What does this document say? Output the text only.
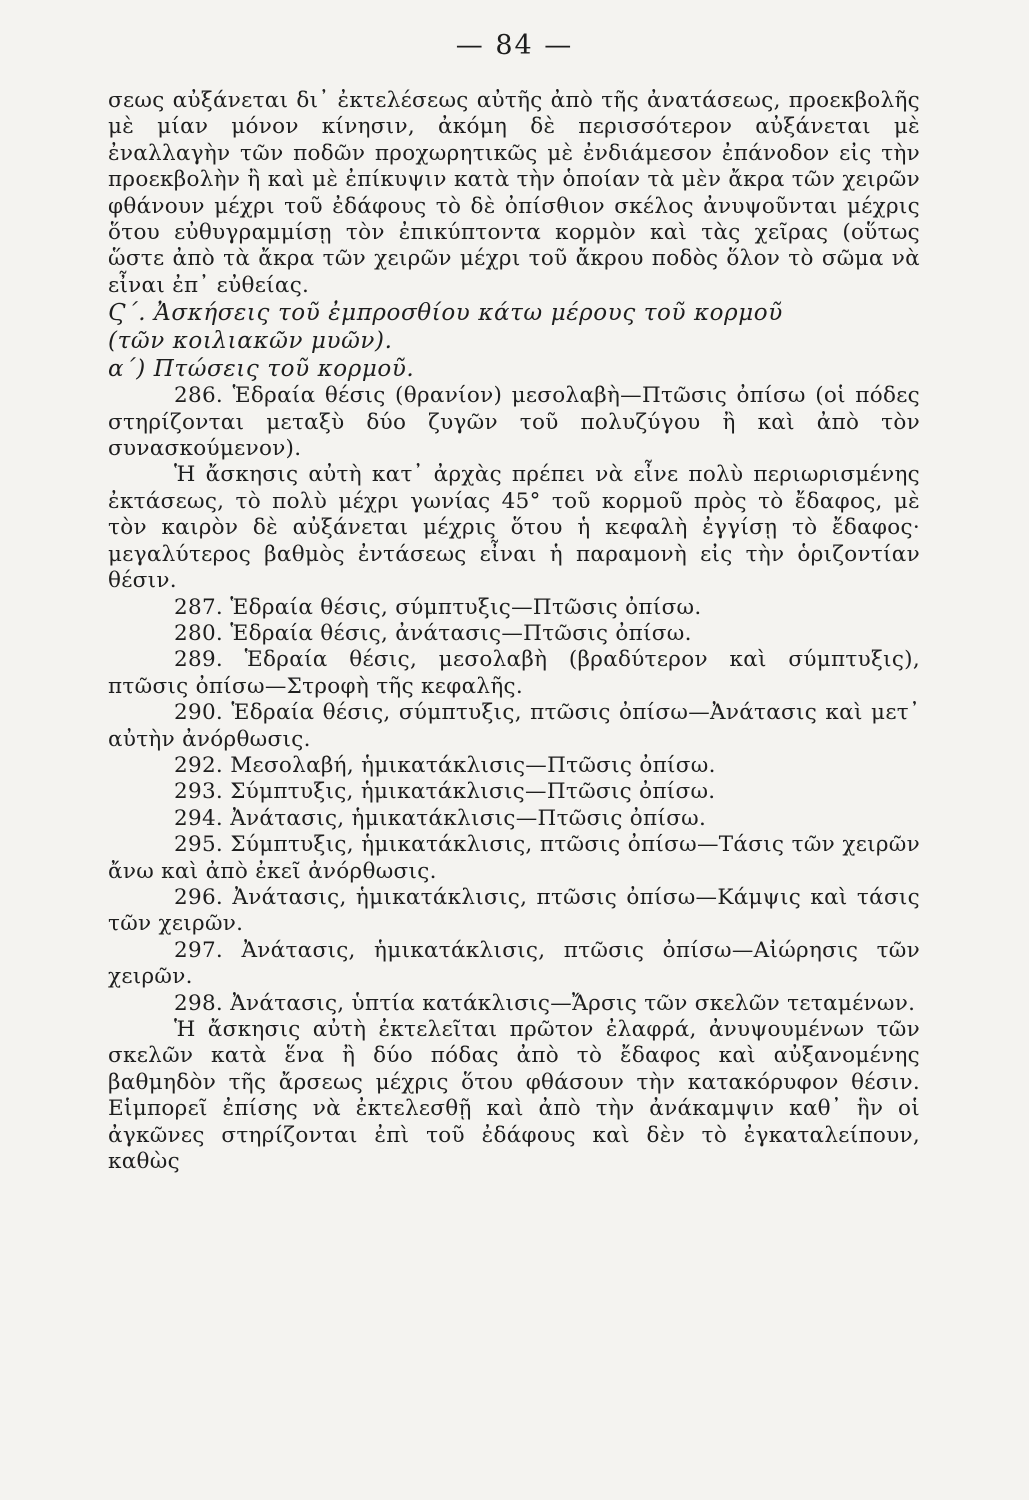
— 84 —

σεως αὐξάνεται δι᾽ ἐκτελέσεως αὐτῆς ἀπὸ τῆς ἀνατάσεως, προεκβολῆς μὲ μίαν μόνον κίνησιν, ἀκόμη δὲ περισσότερον αὐξάνεται μὲ ἐναλλαγὴν τῶν ποδῶν προχωρητικῶς μὲ ἐνδιάμεσον ἐπάνοδον εἰς τὴν προεκβολὴν ἢ καὶ μὲ ἐπίκυψιν κατὰ τὴν ὁποίαν τὰ μὲν ἄκρα τῶν χειρῶν φθάνουν μέχρι τοῦ ἐδάφους τὸ δὲ ὀπίσθιον σκέλος ἀνυψοῦνται μέχρις ὅτου εὐθυγραμμίσῃ τὸν ἐπικύπτοντα κορμὸν καὶ τὰς χεῖρας (οὕτως ὥστε ἀπὸ τὰ ἄκρα τῶν χειρῶν μέχρι τοῦ ἄκρου ποδὸς ὅλον τὸ σῶμα νὰ εἶναι ἐπ᾽ εὐθείας.

Ϛ΄. Ἀσκήσεις τοῦ ἐμπροσθίου κάτω μέρους τοῦ κορμοῦ

(τῶν κοιλιακῶν μυῶν).

α΄) Πτώσεις τοῦ κορμοῦ.

286. Ἑδραία θέσις (θρανίον) μεσολαβὴ—Πτῶσις ὀπίσω (οἱ πόδες στηρίζονται μεταξὺ δύο ζυγῶν τοῦ πολυζύγου ἢ καὶ ἀπὸ τὸν συνασκούμενον).

Ἡ ἄσκησις αὐτὴ κατ᾽ ἀρχὰς πρέπει νὰ εἶνε πολὺ περιωρισμένης ἐκτάσεως, τὸ πολὺ μέχρι γωνίας 45° τοῦ κορμοῦ πρὸς τὸ ἔδαφος, μὲ τὸν καιρὸν δὲ αὐξάνεται μέχρις ὅτου ἡ κεφαλὴ ἐγγίσῃ τὸ ἔδαφος· μεγαλύτερος βαθμὸς ἐντάσεως εἶναι ἡ παραμονὴ εἰς τὴν ὁριζοντίαν θέσιν.

287. Ἑδραία θέσις, σύμπτυξις—Πτῶσις ὀπίσω.

280. Ἑδραία θέσις, ἀνάτασις—Πτῶσις ὀπίσω.

289. Ἑδραία θέσις, μεσολαβὴ (βραδύτερον καὶ σύμπτυξις), πτῶσις ὀπίσω—Στροφὴ τῆς κεφαλῆς.

290. Ἑδραία θέσις, σύμπτυξις, πτῶσις ὀπίσω—Ἀνάτασις καὶ μετ᾽ αὐτὴν ἀνόρθωσις.

292. Μεσολαβή, ἡμικατάκλισις—Πτῶσις ὀπίσω.

293. Σύμπτυξις, ἡμικατάκλισις—Πτῶσις ὀπίσω.

294. Ἀνάτασις, ἡμικατάκλισις—Πτῶσις ὀπίσω.

295. Σύμπτυξις, ἡμικατάκλισις, πτῶσις ὀπίσω—Τάσις τῶν χειρῶν ἄνω καὶ ἀπὸ ἐκεῖ ἀνόρθωσις.

296. Ἀνάτασις, ἡμικατάκλισις, πτῶσις ὀπίσω—Κάμψις καὶ τάσις τῶν χειρῶν.

297. Ἀνάτασις, ἡμικατάκλισις, πτῶσις ὀπίσω—Αἰώρησις τῶν χειρῶν.

298. Ἀνάτασις, ὑπτία κατάκλισις—Ἄρσις τῶν σκελῶν τεταμένων.

Ἡ ἄσκησις αὐτὴ ἐκτελεῖται πρῶτον ἐλαφρά, ἀνυψουμένων τῶν σκελῶν κατὰ ἕνα ἢ δύο πόδας ἀπὸ τὸ ἔδαφος καὶ αὐξανομένης βαθμηδὸν τῆς ἄρσεως μέχρις ὅτου φθάσουν τὴν κατακόρυφον θέσιν. Εἱμπορεῖ ἐπίσης νὰ ἐκτελεσθῇ καὶ ἀπὸ τὴν ἀνάκαμψιν καθ᾽ ἣν οἱ ἀγκῶνες στηρίζονται ἐπὶ τοῦ ἐδάφους καὶ δὲν τὸ ἐγκαταλείπουν, καθὼς
